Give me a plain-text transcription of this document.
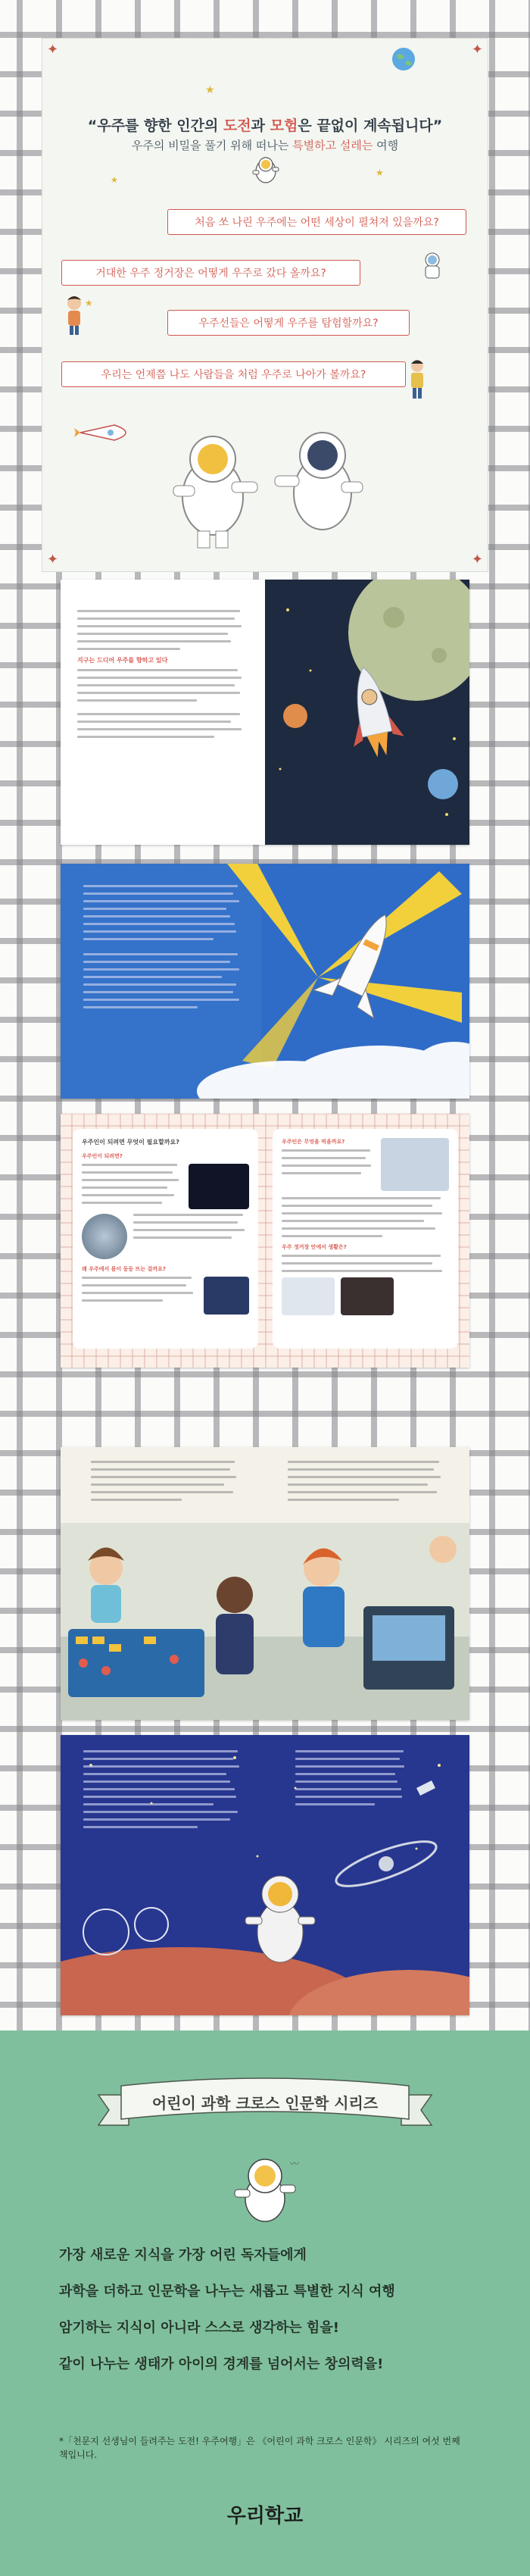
✦	✦
✦	✦
★
★
★
“우주를 향한 인간의 도전과 모험은 끝없이 계속됩니다”
우주의 비밀을 풀기 위해 떠나는 특별하고 설레는 여행
처음 쏘 나린 우주에는 어떤 세상이 펼쳐져 있을까요?
거대한 우주 정거장은 어떻게 우주로 갔다 올까요?
우주선들은 어떻게 우주를 탐험할까요?
우리는 언제쯤 나도 사람들을 처럼 우주로 나아가 볼까요?
★
지구는 드디어 우주를 향하고 있다
우주인이 되려면 무엇이 필요할까요?
우주인이 되려면?
왜 우주에서 몸이 둥둥 뜨는 걸까요?
우주인은 무엇을 먹을까요?
우주 정거장 안에서 생활은?
어린이 과학 크로스 인문학 시리즈
〰
가장 새로운 지식을 가장 어린 독자들에게
과학을 더하고 인문학을 나누는 새롭고 특별한 지식 여행
암기하는 지식이 아니라 스스로 생각하는 힘을!
같이 나누는 생태가 아이의 경계를 넘어서는 창의력을!
*「천문지 선생님이 들려주는 도전! 우주여행」은 《어린이 과학 크로스 인문학》 시리즈의 여섯 번째 책입니다.
우리학교
